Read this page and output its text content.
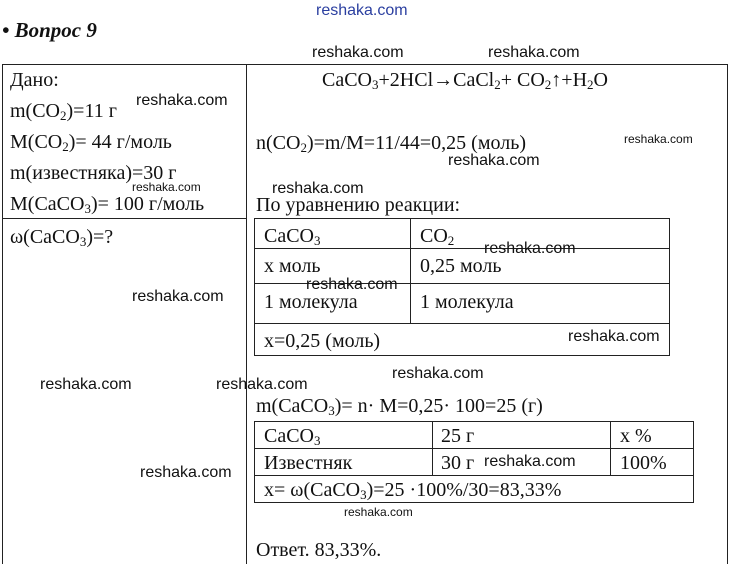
reshaka.com
• Вопрос 9
Дано:
$m(CO_2)=11$ г
$M(CO_2)= 44$ г/моль
m(известняка)=30 г
M(CaCO$_3$)= 100 г/моль
ω(CaCO$_3$)=?
CaCO$_3$+2HCl→CaCl$_2$+ $CO_2↑+H_2O$
$n(CO_2)=m/M=11/44=0,25$ (моль)
По уравнению реакции:
CaCO$_3$	$CO_2$
x моль	0,25 моль
1 молекула	1 молекула
x=0,25 (моль)
m(CaCO$_3$)= n· M=0,25· 100=25 (г)
CaCO$_3$	25 г	x %
Известняк	30 г	100%
x= ω(CaCO$_3$)=25 ·100%/30=83,33%
Ответ. 83,33%.
reshaka.com	reshaka.com
reshaka.com
reshaka.com
reshaka.com
reshaka.com	reshaka.com
reshaka.com
reshaka.com
reshaka.com
reshaka.com
reshaka.com
reshaka.com	reshaka.com
reshaka.com
reshaka.com
reshaka.com
